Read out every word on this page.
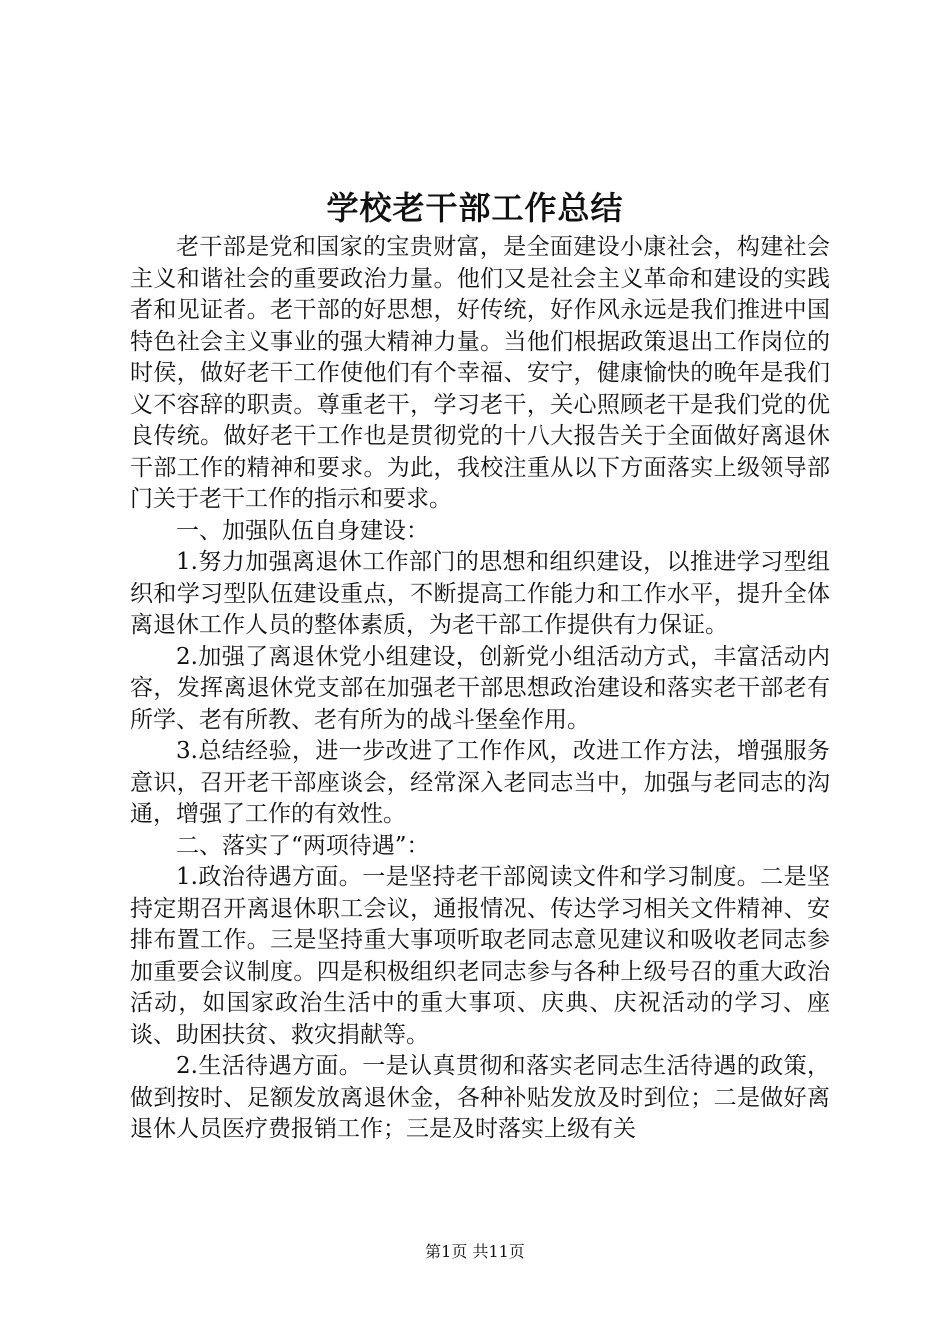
学校老干部工作总结

老干部是党和国家的宝贵财富，是全面建设小康社会，构建社会主义和谐社会的重要政治力量。他们又是社会主义革命和建设的实践者和见证者。老干部的好思想，好传统，好作风永远是我们推进中国特色社会主义事业的强大精神力量。当他们根据政策退出工作岗位的时侯，做好老干工作使他们有个幸福、安宁，健康愉快的晚年是我们义不容辞的职责。尊重老干，学习老干，关心照顾老干是我们党的优良传统。做好老干工作也是贯彻党的十八大报告关于全面做好离退休干部工作的精神和要求。为此，我校注重从以下方面落实上级领导部门关于老干工作的指示和要求。

一、加强队伍自身建设：

1.努力加强离退休工作部门的思想和组织建设，以推进学习型组织和学习型队伍建设重点，不断提高工作能力和工作水平，提升全体离退休工作人员的整体素质，为老干部工作提供有力保证。

2.加强了离退休党小组建设，创新党小组活动方式，丰富活动内容，发挥离退休党支部在加强老干部思想政治建设和落实老干部老有所学、老有所教、老有所为的战斗堡垒作用。

3.总结经验，进一步改进了工作作风，改进工作方法，增强服务意识，召开老干部座谈会，经常深入老同志当中，加强与老同志的沟通，增强了工作的有效性。

二、落实了“两项待遇”：

1.政治待遇方面。一是坚持老干部阅读文件和学习制度。二是坚持定期召开离退休职工会议，通报情况、传达学习相关文件精神、安排布置工作。三是坚持重大事项听取老同志意见建议和吸收老同志参加重要会议制度。四是积极组织老同志参与各种上级号召的重大政治活动，如国家政治生活中的重大事项、庆典、庆祝活动的学习、座谈、助困扶贫、救灾捐献等。

2.生活待遇方面。一是认真贯彻和落实老同志生活待遇的政策，做到按时、足额发放离退休金，各种补贴发放及时到位；二是做好离退休人员医疗费报销工作；三是及时落实上级有关

第1页 共11页
